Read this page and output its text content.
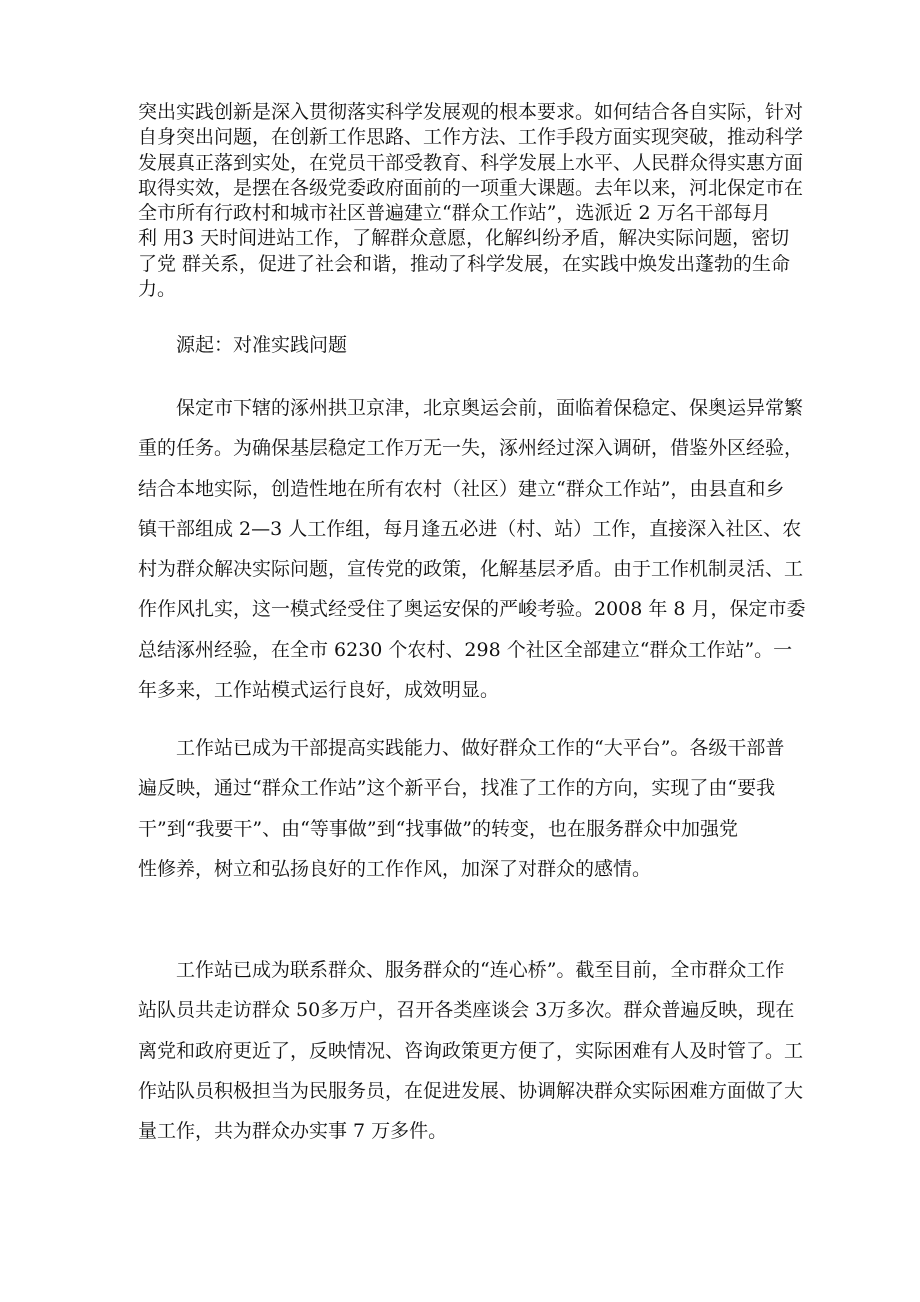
突出实践创新是深入贯彻落实科学发展观的根本要求。如何结合各自实际，针对
自身突出问题，在创新工作思路、工作方法、工作手段方面实现突破，推动科学
发展真正落到实处，在党员干部受教育、科学发展上水平、人民群众得实惠方面
取得实效，是摆在各级党委政府面前的一项重大课题。去年以来，河北保定市在
全市所有行政村和城市社区普遍建立“群众工作站”，选派近 2 万名干部每月
利 用3 天时间进站工作，了解群众意愿，化解纠纷矛盾，解决实际问题，密切
了党 群关系，促进了社会和谐，推动了科学发展，在实践中焕发出蓬勃的生命
力。
源起：对准实践问题
保定市下辖的涿州拱卫京津，北京奥运会前，面临着保稳定、保奥运异常繁
重的任务。为确保基层稳定工作万无一失，涿州经过深入调研，借鉴外区经验，
结合本地实际，创造性地在所有农村（社区）建立“群众工作站”，由县直和乡
镇干部组成 2—3 人工作组，每月逢五必进（村、站）工作，直接深入社区、农
村为群众解决实际问题，宣传党的政策，化解基层矛盾。由于工作机制灵活、工
作作风扎实，这一模式经受住了奥运安保的严峻考验。2008 年 8 月，保定市委
总结涿州经验，在全市 6230 个农村、298 个社区全部建立“群众工作站”。一
年多来，工作站模式运行良好，成效明显。
工作站已成为干部提高实践能力、做好群众工作的“大平台”。各级干部普
遍反映，通过“群众工作站”这个新平台，找准了工作的方向，实现了由“要我
干”到“我要干”、由“等事做”到“找事做”的转变，也在服务群众中加强党
性修养，树立和弘扬良好的工作作风，加深了对群众的感情。
工作站已成为联系群众、服务群众的“连心桥”。截至目前，全市群众工作
站队员共走访群众 50多万户，召开各类座谈会 3万多次。群众普遍反映，现在
离党和政府更近了，反映情况、咨询政策更方便了，实际困难有人及时管了。工
作站队员积极担当为民服务员，在促进发展、协调解决群众实际困难方面做了大
量工作，共为群众办实事 7 万多件。
